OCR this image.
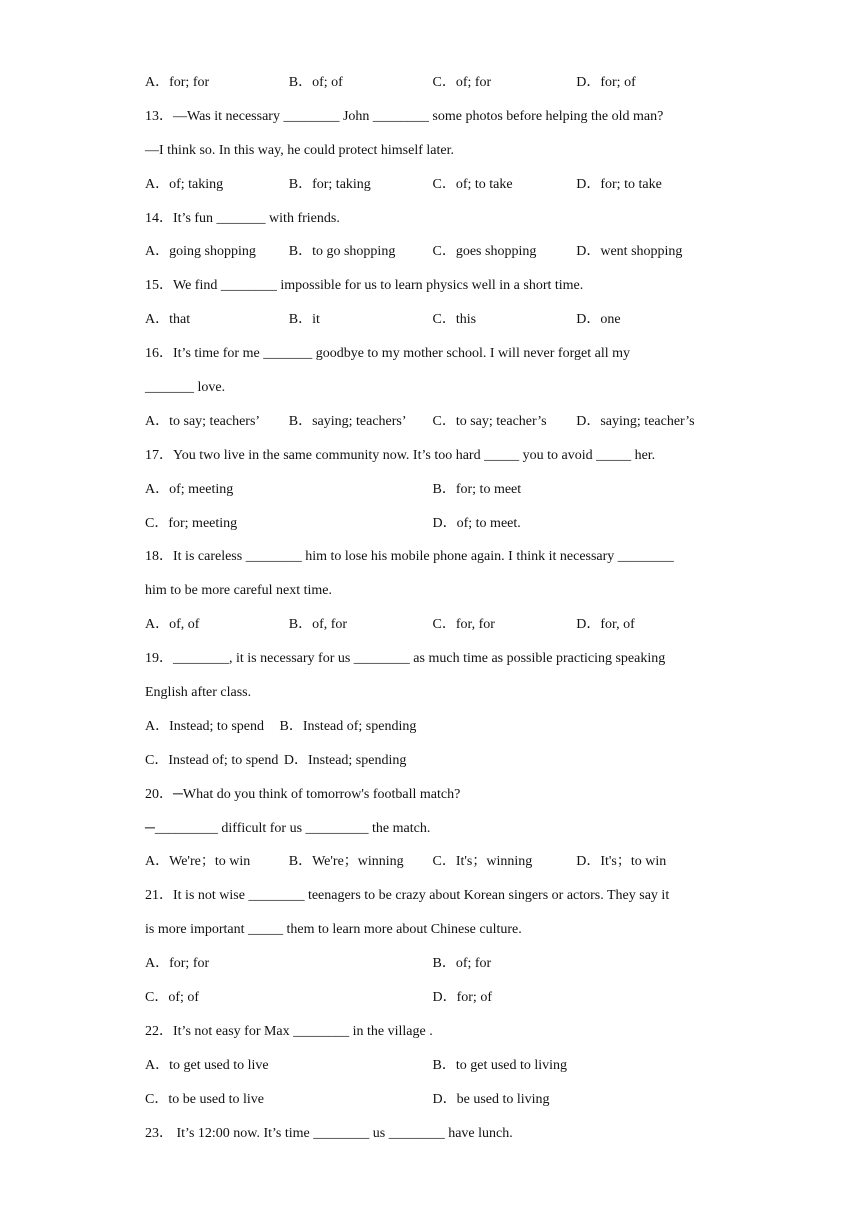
A．for; for	B．of; of	C．of; for	D．for; of
13．—Was it necessary ________ John ________ some photos before helping the old man?
—I think so. In this way, he could protect himself later.
A．of; taking	B．for; taking	C．of; to take	D．for; to take
14．It’s fun _______ with friends.
A．going shopping	B．to go shopping	C．goes shopping	D．went shopping
15．We find ________ impossible for us to learn physics well in a short time.
A．that	B．it	C．this	D．one
16．It’s time for me _______ goodbye to my mother school. I will never forget all my
_______ love.
A．to say; teachers’	B．saying; teachers’	C．to say; teacher’s	D．saying; teacher’s
17．You two live in the same community now. It’s too hard _____ you to avoid _____ her.
A．of; meeting	B．for; to meet
C．for; meeting	D．of; to meet.
18．It is careless ________ him to lose his mobile phone again. I think it necessary ________
him to be more careful next time.
A．of, of	B．of, for	C．for, for	D．for, of
19．________, it is necessary for us ________ as much time as possible practicing speaking
English after class.
A．Instead; to spend B．Instead of; spending
C．Instead of; to spend D．Instead; spending
20．─What do you think of tomorrow's football match?
─_________ difficult for us _________ the match.
A．We're；to win	B．We're；winning	C．It's；winning	D．It's；to win
21．It is not wise ________ teenagers to be crazy about Korean singers or actors. They say it
is more important _____ them to learn more about Chinese culture.
A．for; for	B．of; for
C．of; of	D．for; of
22．It’s not easy for Max ________ in the village .
A．to get used to live	B．to get used to living
C．to be used to live	D．be used to living
23． It’s 12:00 now. It’s time ________ us ________ have lunch.
